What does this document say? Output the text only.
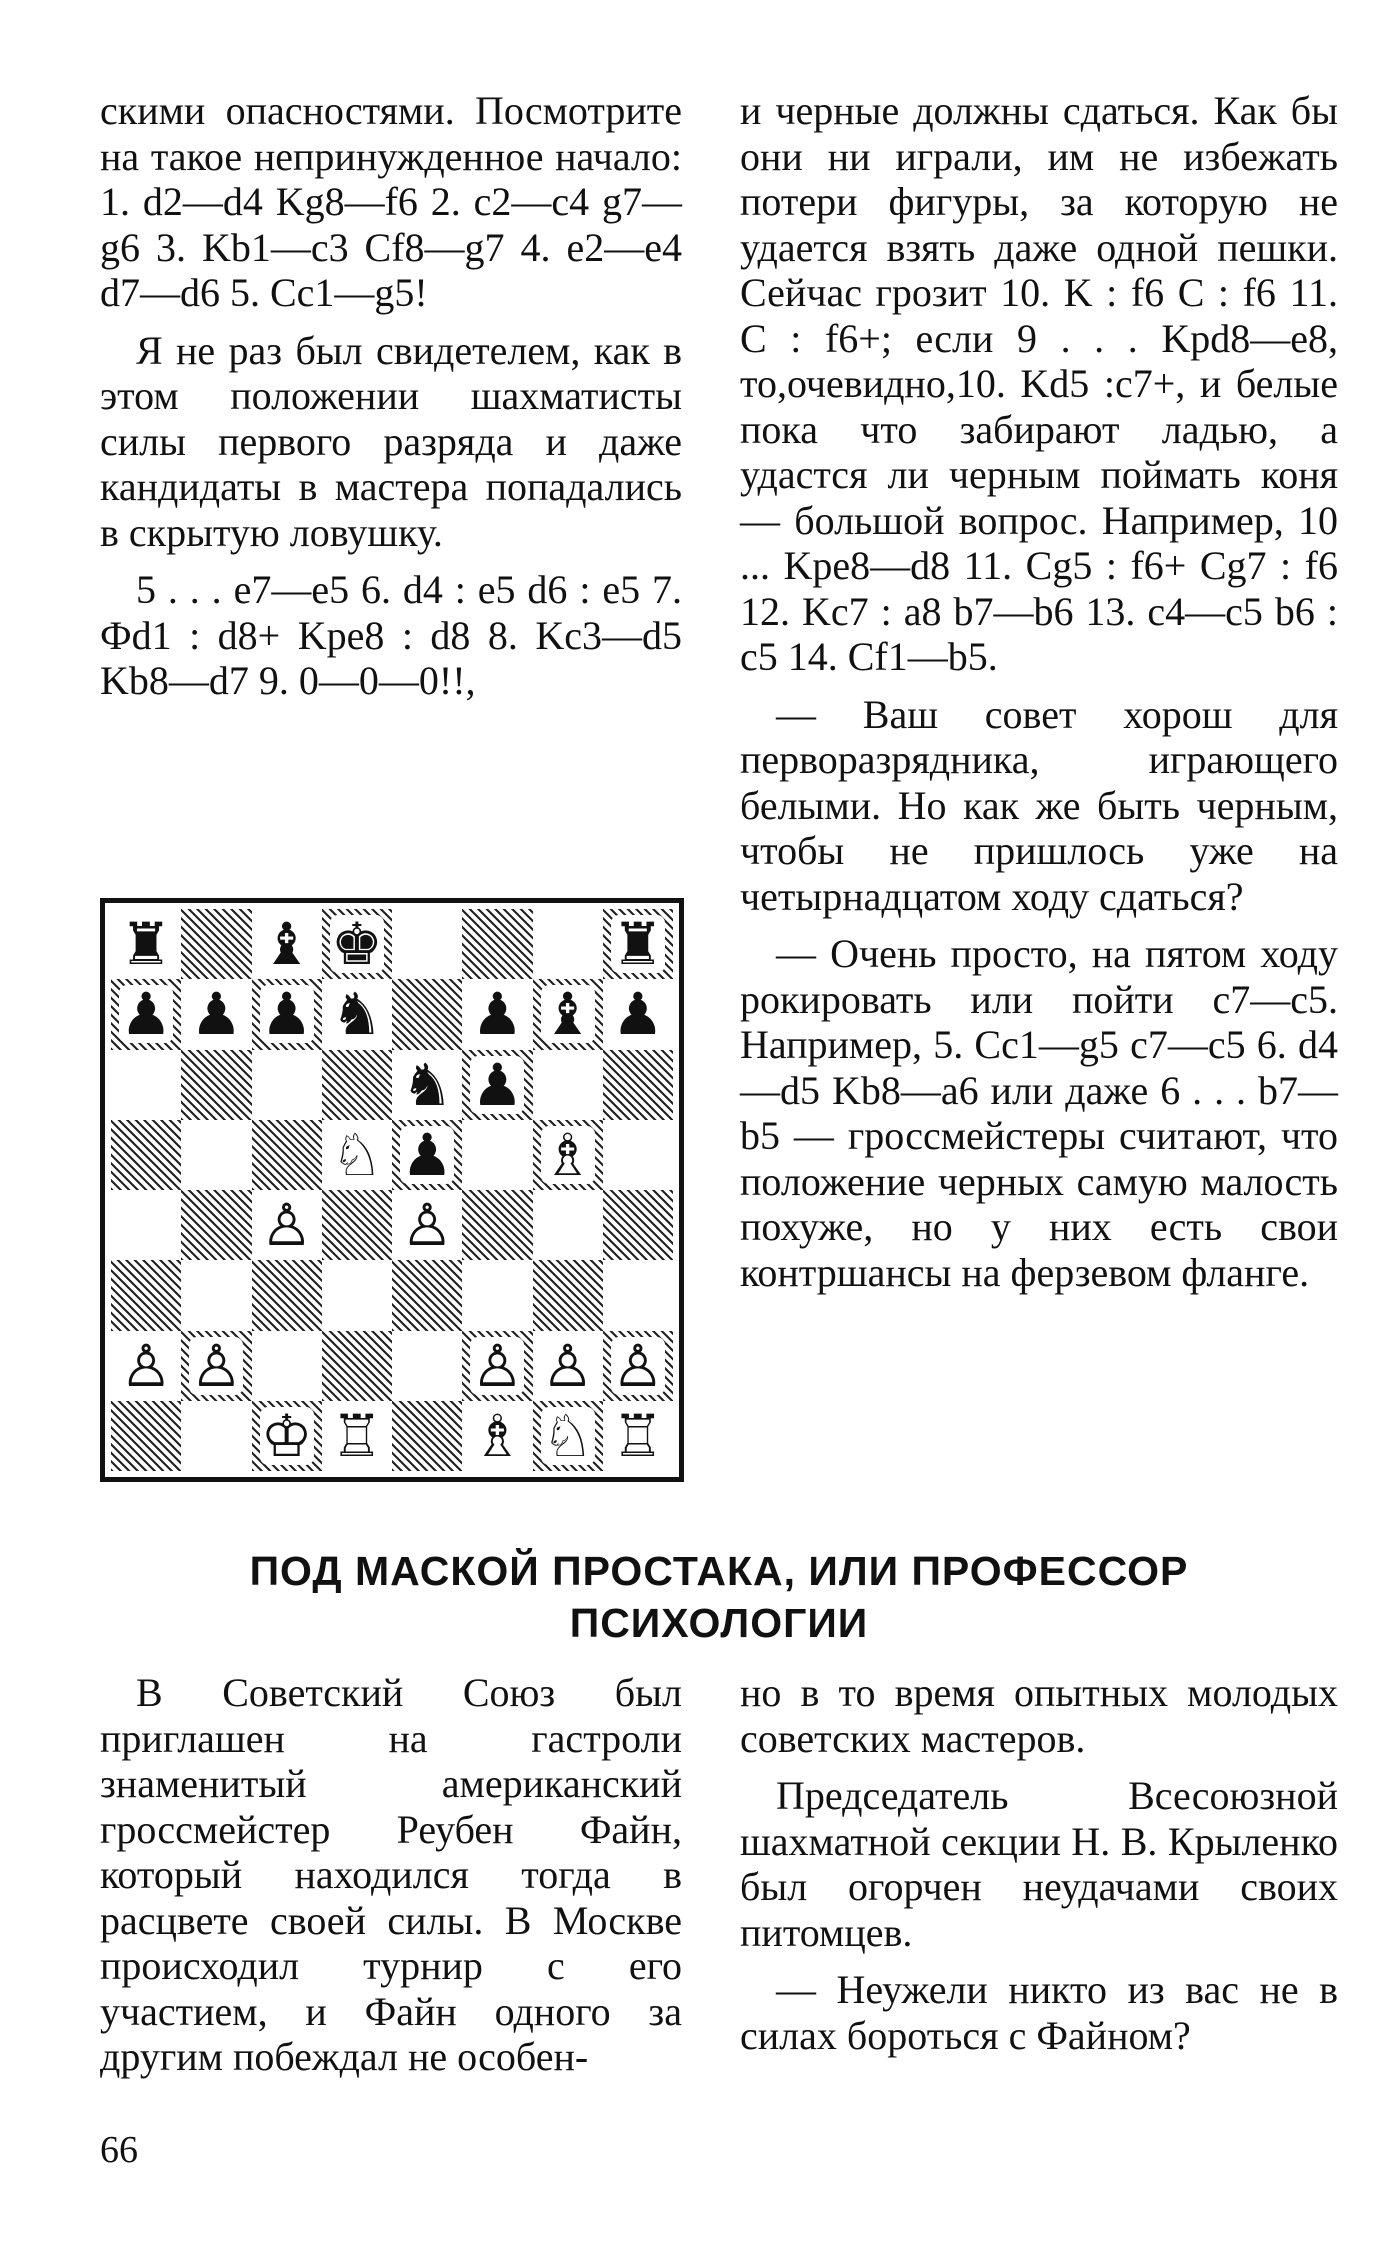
скими опасностями. Посмотрите на такое непринужденное начало: 1. d2—d4 Kg8—f6 2. c2—c4 g7—g6 3. Kb1—c3 Cf8—g7 4. e2—e4 d7—d6 5. Cc1—g5!

Я не раз был свидетелем, как в этом положении шахматисты силы первого разряда и даже кандидаты в мастера попадались в скрытую ловушку.

5 . . . e7—e5 6. d4 : e5 d6 : e5 7. Фd1 : d8+ Kpe8 : d8 8. Kc3—d5 Kb8—d7 9. 0—0—0!!,

♜ ♝ ♚	♜
♟ ♟ ♟ ♞ ♟ ♝ ♟
♞ ♟
♘ ♟ ♗
♙ ♙
♙ ♙	♙ ♙ ♙
♔ ♖ ♗ ♘ ♖

и черные должны сдаться. Как бы они ни играли, им не избежать потери фигуры, за которую не удается взять даже одной пешки. Сейчас грозит 10. K : f6 C : f6 11. C : f6+; если 9 . . . Kpd8—e8, то,очевидно,10. Kd5 :c7+, и белые пока что забирают ладью, а удастся ли черным поймать коня — большой вопрос. Например, 10 ... Kpe8—d8 11. Cg5 : f6+ Cg7 : f6 12. Kc7 : a8 b7—b6 13. c4—c5 b6 : c5 14. Cf1—b5.

— Ваш совет хорош для перворазрядника, играющего белыми. Но как же быть черным, чтобы не пришлось уже на четырнадцатом ходу сдаться?

— Очень просто, на пятом ходу рокировать или пойти c7—c5. Например, 5. Cc1—g5 c7—c5 6. d4—d5 Kb8—a6 или даже 6 . . . b7—b5 — гроссмейстеры считают, что положение черных самую малость похуже, но у них есть свои контршансы на ферзевом фланге.

ПОД МАСКОЙ ПРОСТАКА, ИЛИ ПРОФЕССОР
ПСИХОЛОГИИ

В Советский Союз был приглашен на гастроли знаменитый американский гроссмейстер Реубен Файн, который находился тогда в расцвете своей силы. В Москве происходил турнир с его участием, и Файн одного за другим побеждал не особен-

но в то время опытных молодых советских мастеров.

Председатель Всесоюзной шахматной секции Н. В. Крыленко был огорчен неудачами своих питомцев.

— Неужели никто из вас не в силах бороться с Файном?

66
